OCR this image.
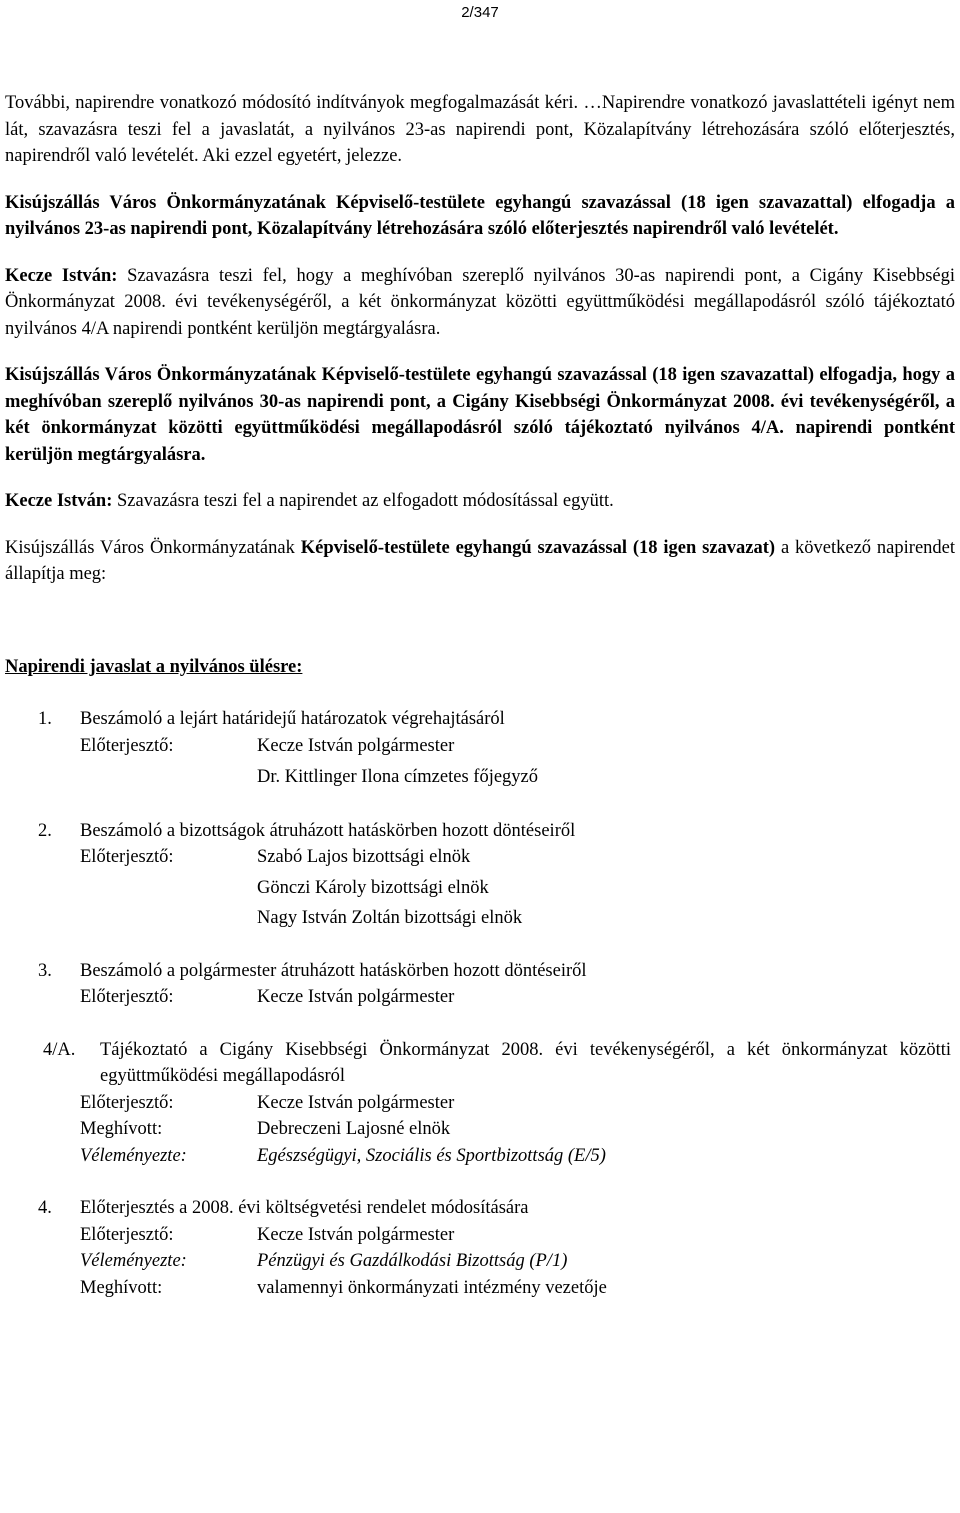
2/347

További, napirendre vonatkozó módosító indítványok megfogalmazását kéri. …Napirendre vonatkozó javaslattételi igényt nem lát, szavazásra teszi fel a javaslatát, a nyilvános 23-as napirendi pont, Közalapítvány létrehozására szóló előterjesztés, napirendről való levételét. Aki ezzel egyetért, jelezze.

Kisújszállás Város Önkormányzatának Képviselő-testülete egyhangú szavazással (18 igen szavazattal) elfogadja a nyilvános 23-as napirendi pont, Közalapítvány létrehozására szóló előterjesztés napirendről való levételét.

Kecze István: Szavazásra teszi fel, hogy a meghívóban szereplő nyilvános 30-as napirendi pont, a Cigány Kisebbségi Önkormányzat 2008. évi tevékenységéről, a két önkormányzat közötti együttműködési megállapodásról szóló tájékoztató nyilvános 4/A napirendi pontként kerüljön megtárgyalásra.

Kisújszállás Város Önkormányzatának Képviselő-testülete egyhangú szavazással (18 igen szavazattal) elfogadja, hogy a meghívóban szereplő nyilvános 30-as napirendi pont, a Cigány Kisebbségi Önkormányzat 2008. évi tevékenységéről, a két önkormányzat közötti együttműködési megállapodásról szóló tájékoztató nyilvános 4/A. napirendi pontként kerüljön megtárgyalásra.

Kecze István: Szavazásra teszi fel a napirendet az elfogadott módosítással együtt.

Kisújszállás Város Önkormányzatának Képviselő-testülete egyhangú szavazással (18 igen szavazat) a következő napirendet állapítja meg:

Napirendi javaslat a nyilvános ülésre:

1.	Beszámoló a lejárt határidejű határozatok végrehajtásáról
Előterjesztő:	Kecze István polgármester
Dr. Kittlinger Ilona címzetes főjegyző
2.	Beszámoló a bizottságok átruházott hatáskörben hozott döntéseiről
Előterjesztő:	Szabó Lajos bizottsági elnök
Gönczi Károly bizottsági elnök
Nagy István Zoltán bizottsági elnök
3.	Beszámoló a polgármester átruházott hatáskörben hozott döntéseiről
Előterjesztő:	Kecze István polgármester
4/A.	Tájékoztató a Cigány Kisebbségi Önkormányzat 2008. évi tevékenységéről, a két önkormányzat közötti együttműködési megállapodásról
Előterjesztő:	Kecze István polgármester
Meghívott:	Debreczeni Lajosné elnök
Véleményezte:	Egészségügyi, Szociális és Sportbizottság (E/5)
4.	Előterjesztés a 2008. évi költségvetési rendelet módosítására
Előterjesztő:	Kecze István polgármester
Véleményezte:	Pénzügyi és Gazdálkodási Bizottság (P/1)
Meghívott:	valamennyi önkormányzati intézmény vezetője
